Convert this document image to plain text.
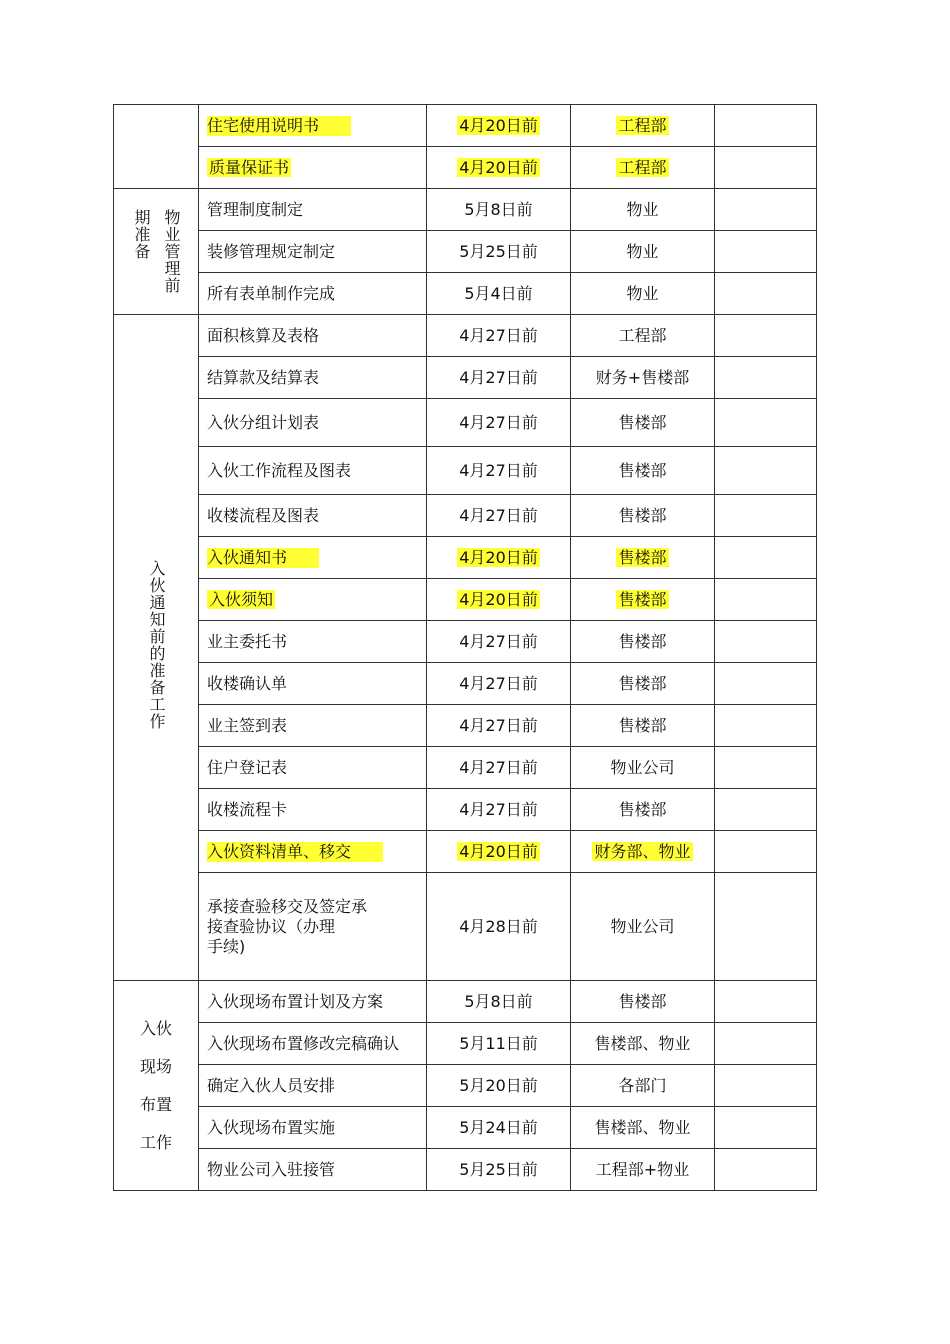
	住宅使用说明书	4月20日前	工程部	
	质量保证书	4月20日前	工程部	

物业管理前
期准备	管理制度制定	5月8日前	物业	
	装修管理规定制定	5月25日前	物业	
	所有表单制作完成	5月4日前	物业	
入伙通知前的准备工作	面积核算及表格	4月27日前	工程部	
	结算款及结算表	4月27日前	财务+售楼部	
	入伙分组计划表	4月27日前	售楼部	
	入伙工作流程及图表	4月27日前	售楼部	
	收楼流程及图表	4月27日前	售楼部	
	入伙通知书	4月20日前	售楼部	
	入伙须知	4月20日前	售楼部	
	业主委托书	4月27日前	售楼部	
	收楼确认单	4月27日前	售楼部	
	业主签到表	4月27日前	售楼部	
	住户登记表	4月27日前	物业公司	
	收楼流程卡	4月27日前	售楼部	
	入伙资料清单、移交	4月20日前	财务部、物业	

	承接查验移交及签定承
接查验协议（办理
手续)	4月28日前	物业公司	

入伙
现场
布置
工作	入伙现场布置计划及方案	5月8日前	售楼部	
	入伙现场布置修改完稿确认	5月11日前	售楼部、物业	
	确定入伙人员安排	5月20日前	各部门	
	入伙现场布置实施	5月24日前	售楼部、物业	
	物业公司入驻接管	5月25日前	工程部+物业	
